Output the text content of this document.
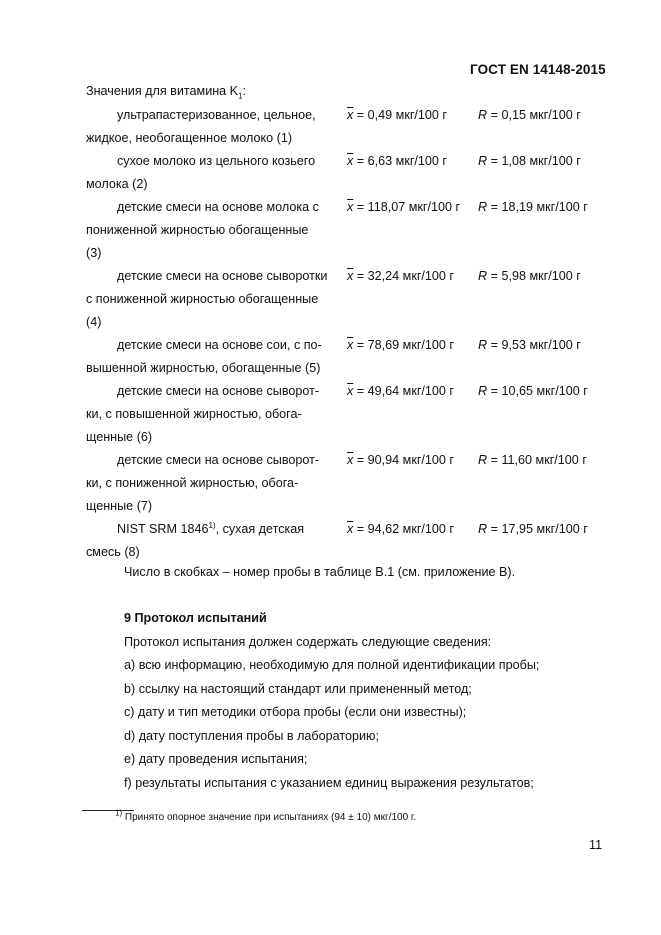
ГОСТ EN 14148-2015
Значения для витамина $K_1$:
ультрапастеризованное, цельное, $\overline{x} = 0,49$ мкг/100 г R = 0,15 мкг/100 г
жидкое, необогащенное молоко (1)
сухое молоко из цельного козьего	$\overline{x} = 6,63$ мкг/100 г R = 1,08 мкг/100 г
молока (2)
детские смеси на основе молока с $\overline{x} = 118,07$ мкг/100 г R = 18,19 мкг/100 г
пониженной жирностью обогащенные
(3)
детские смеси на основе сыворотки $\overline{x} = 32,24$ мкг/100 г R = 5,98 мкг/100 г
с пониженной жирностью обогащенные
(4)
детские смеси на основе сои, с по- $\overline{x} = 78,69$ мкг/100 г R = 9,53 мкг/100 г
вышенной жирностью, обогащенные (5)
детские смеси на основе сыворот- $\overline{x} = 49,64$ мкг/100 г R = 10,65 мкг/100 г
ки, с повышенной жирностью, обога-
щенные (6)
детские смеси на основе сыворот- $\overline{x} = 90,94$ мкг/100 г R = 11,60 мкг/100 г
ки, с пониженной жирностью, обога-
щенные (7)
NIST SRM 1846$^{1)}$, сухая детская	$\overline{x} = 94,62$ мкг/100 г R = 17,95 мкг/100 г
смесь (8)
Число в скобках – номер пробы в таблице B.1 (см. приложение B).
9 Протокол испытаний
Протокол испытания должен содержать следующие сведения:
a) всю информацию, необходимую для полной идентификации пробы;
b) ссылку на настоящий стандарт или примененный метод;
c) дату и тип методики отбора пробы (если они известны);
d) дату поступления пробы в лабораторию;
e) дату проведения испытания;
f) результаты испытания с указанием единиц выражения результатов;
$^{1)}$ Принято опорное значение при испытаниях (94 ± 10) мкг/100 г.
11
